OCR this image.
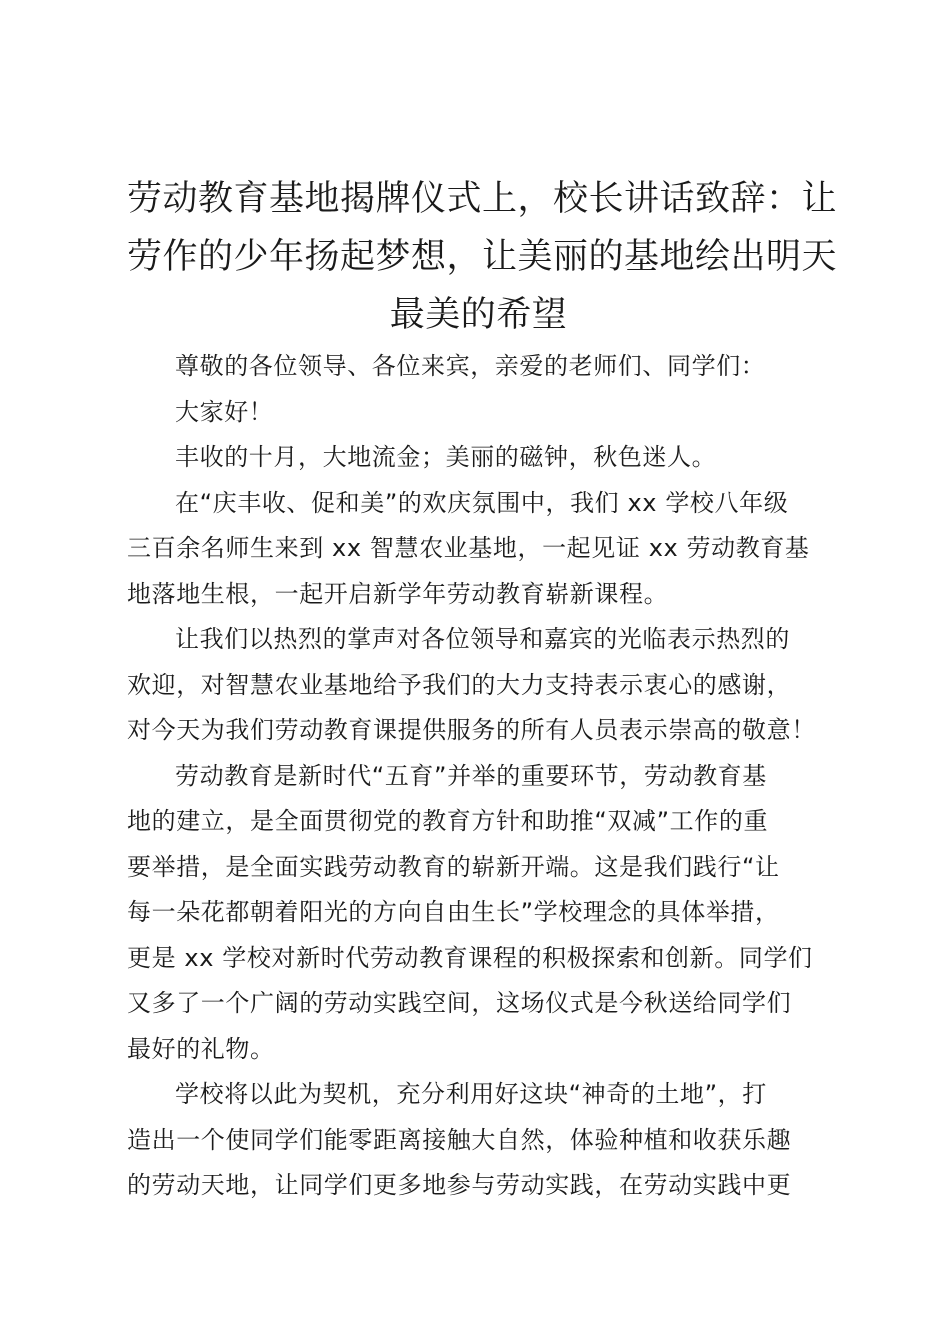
劳动教育基地揭牌仪式上，校长讲话致辞：让
劳作的少年扬起梦想，让美丽的基地绘出明天
最美的希望

尊敬的各位领导、各位来宾，亲爱的老师们、同学们：

大家好！

丰收的十月，大地流金；美丽的磁钟，秋色迷人。

在“庆丰收、促和美”的欢庆氛围中，我们 xx 学校八年级
三百余名师生来到 xx 智慧农业基地，一起见证 xx 劳动教育基
地落地生根，一起开启新学年劳动教育崭新课程。

让我们以热烈的掌声对各位领导和嘉宾的光临表示热烈的
欢迎，对智慧农业基地给予我们的大力支持表示衷心的感谢，
对今天为我们劳动教育课提供服务的所有人员表示崇高的敬意！

劳动教育是新时代“五育”并举的重要环节，劳动教育基
地的建立，是全面贯彻党的教育方针和助推“双减”工作的重
要举措，是全面实践劳动教育的崭新开端。这是我们践行“让
每一朵花都朝着阳光的方向自由生长”学校理念的具体举措，
更是 xx 学校对新时代劳动教育课程的积极探索和创新。同学们
又多了一个广阔的劳动实践空间，这场仪式是今秋送给同学们
最好的礼物。

学校将以此为契机，充分利用好这块“神奇的土地”，打
造出一个使同学们能零距离接触大自然，体验种植和收获乐趣
的劳动天地，让同学们更多地参与劳动实践，在劳动实践中更
